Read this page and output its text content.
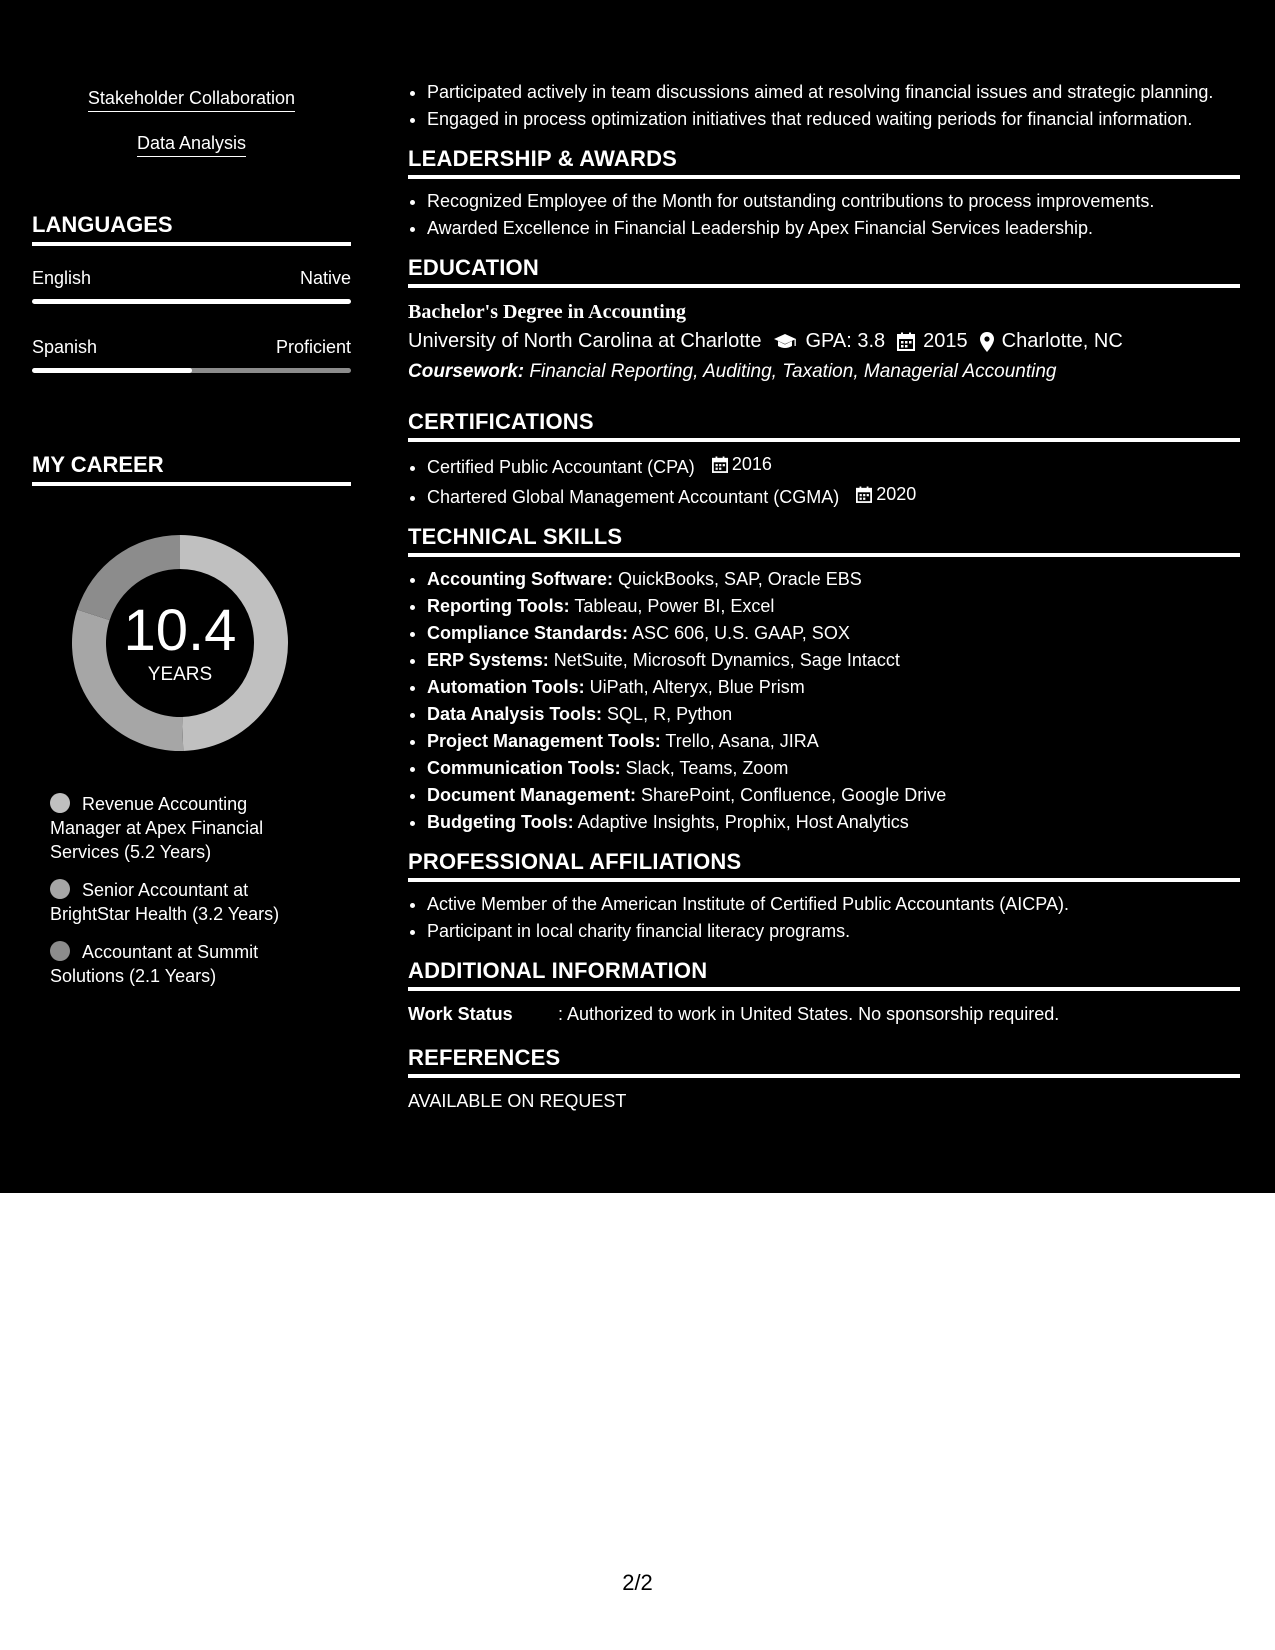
Stakeholder Collaboration
Data Analysis
LANGUAGES
English	Native
Spanish	Proficient
MY CAREER
10.4
YEARS
Revenue Accounting Manager at Apex Financial Services (5.2 Years)
Senior Accountant at BrightStar Health (3.2 Years)
Accountant at Summit Solutions (2.1 Years)
• Participated actively in team discussions aimed at resolving financial issues and strategic planning.
• Engaged in process optimization initiatives that reduced waiting periods for financial information.
LEADERSHIP & AWARDS
• Recognized Employee of the Month for outstanding contributions to process improvements.
• Awarded Excellence in Financial Leadership by Apex Financial Services leadership.
EDUCATION
Bachelor's Degree in Accounting
University of North Carolina at Charlotte GPA: 3.8 2015 Charlotte, NC
Coursework: Financial Reporting, Auditing, Taxation, Managerial Accounting
CERTIFICATIONS
• Certified Public Accountant (CPA) 2016
• Chartered Global Management Accountant (CGMA) 2020
TECHNICAL SKILLS
• Accounting Software: QuickBooks, SAP, Oracle EBS
• Reporting Tools: Tableau, Power BI, Excel
• Compliance Standards: ASC 606, U.S. GAAP, SOX
• ERP Systems: NetSuite, Microsoft Dynamics, Sage Intacct
• Automation Tools: UiPath, Alteryx, Blue Prism
• Data Analysis Tools: SQL, R, Python
• Project Management Tools: Trello, Asana, JIRA
• Communication Tools: Slack, Teams, Zoom
• Document Management: SharePoint, Confluence, Google Drive
• Budgeting Tools: Adaptive Insights, Prophix, Host Analytics
PROFESSIONAL AFFILIATIONS
• Active Member of the American Institute of Certified Public Accountants (AICPA).
• Participant in local charity financial literacy programs.
ADDITIONAL INFORMATION
Work Status	: Authorized to work in United States. No sponsorship required.
REFERENCES
AVAILABLE ON REQUEST
2/2
